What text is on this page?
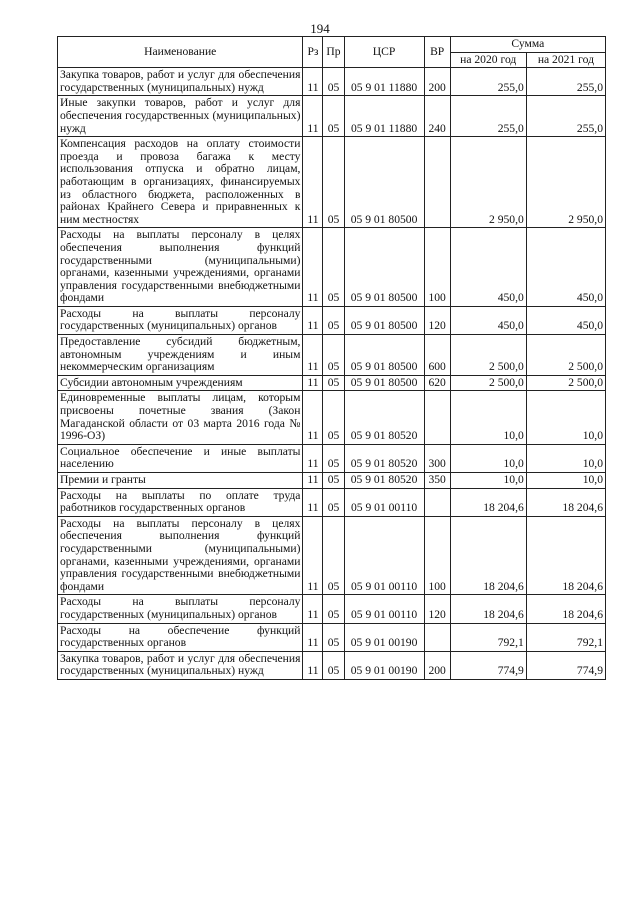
194
Наименование	Рз	Пр	ЦСР	ВР	Сумма	
					на 2020 год	на 2021 год
Закупка товаров, работ и услуг для обеспечения государственных (муниципальных) нужд	11	05	05 9 01 11880	200	255,0	255,0
Иные закупки товаров, работ и услуг для обеспечения государственных (муниципальных) нужд	11	05	05 9 01 11880	240	255,0	255,0
Компенсация расходов на оплату стоимости проезда и провоза багажа к месту использования отпуска и обратно лицам, работающим в организациях, финансируемых из областного бюджета, расположенных в районах Крайнего Севера и приравненных к ним местностях	11	05	05 9 01 80500		2 950,0	2 950,0
Расходы на выплаты персоналу в целях обеспечения выполнения функций государственными (муниципальными) органами, казенными учреждениями, органами управления государственными внебюджетными фондами	11	05	05 9 01 80500	100	450,0	450,0
Расходы на выплаты персоналу государственных (муниципальных) органов	11	05	05 9 01 80500	120	450,0	450,0
Предоставление субсидий бюджетным, автономным учреждениям и иным некоммерческим организациям	11	05	05 9 01 80500	600	2 500,0	2 500,0
Субсидии автономным учреждениям	11	05	05 9 01 80500	620	2 500,0	2 500,0
Единовременные выплаты лицам, которым присвоены почетные звания (Закон Магаданской области от 03 марта 2016 года № 1996-ОЗ)	11	05	05 9 01 80520		10,0	10,0
Социальное обеспечение и иные выплаты населению	11	05	05 9 01 80520	300	10,0	10,0
Премии и гранты	11	05	05 9 01 80520	350	10,0	10,0
Расходы на выплаты по оплате труда работников государственных органов	11	05	05 9 01 00110		18 204,6	18 204,6
Расходы на выплаты персоналу в целях обеспечения выполнения функций государственными (муниципальными) органами, казенными учреждениями, органами управления государственными внебюджетными фондами	11	05	05 9 01 00110	100	18 204,6	18 204,6
Расходы на выплаты персоналу государственных (муниципальных) органов	11	05	05 9 01 00110	120	18 204,6	18 204,6
Расходы на обеспечение функций государственных органов	11	05	05 9 01 00190		792,1	792,1
Закупка товаров, работ и услуг для обеспечения государственных (муниципальных) нужд	11	05	05 9 01 00190	200	774,9	774,9
